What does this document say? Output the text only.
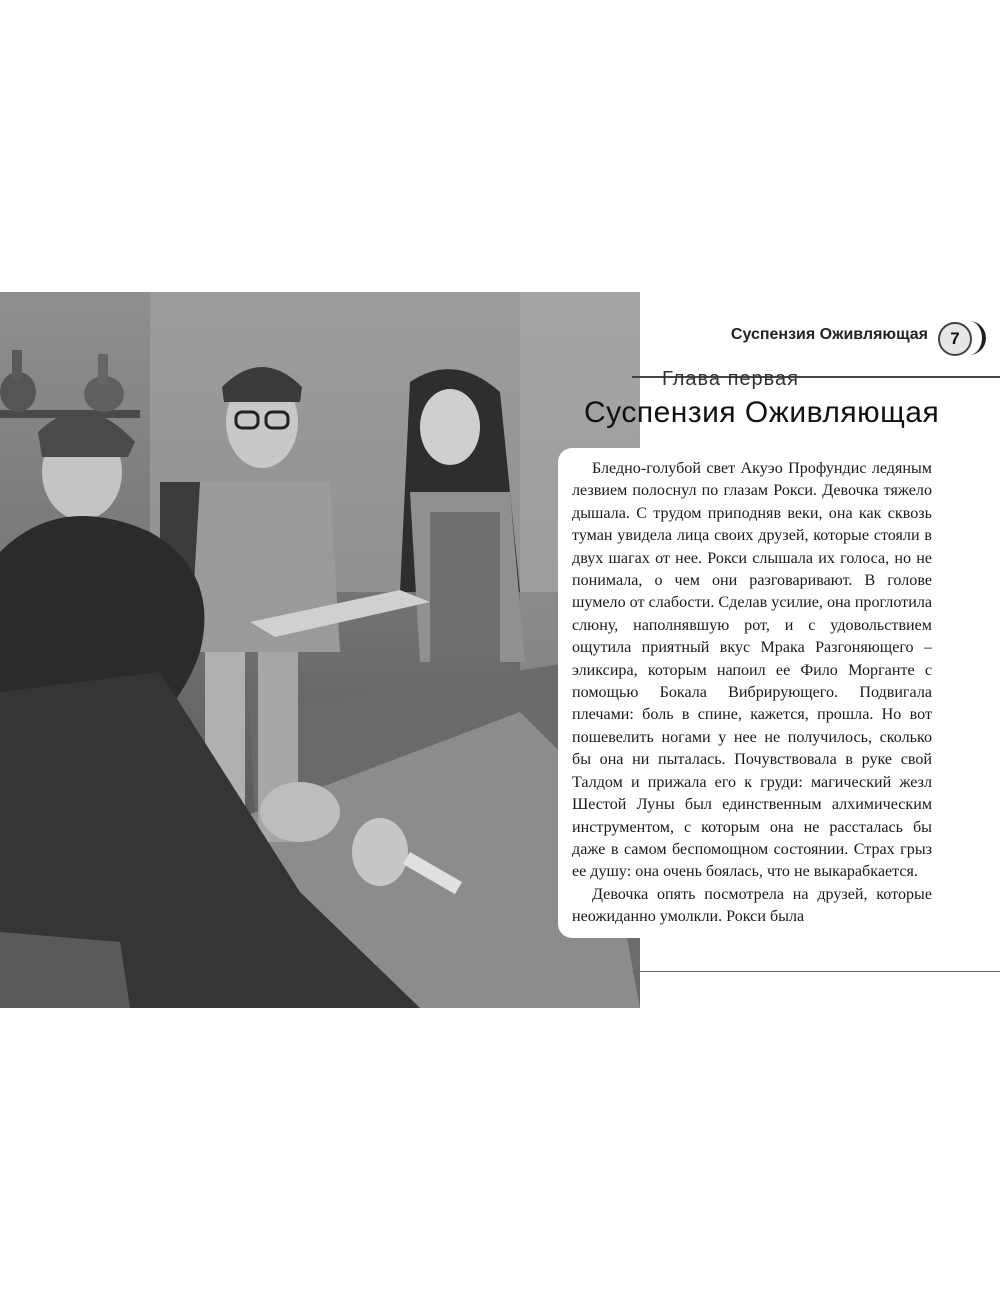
Суспензия Оживляющая	7
Глава первая
Суспензия Оживляющая

Бледно-голубой свет Акуэо Профундис ледяным лезвием полоснул по глазам Рокси. Девочка тяжело дышала. С трудом приподняв веки, она как сквозь туман увидела лица своих друзей, которые стояли в двух шагах от нее. Рокси слышала их голоса, но не понимала, о чем они разговаривают. В голове шумело от слабости. Сделав усилие, она проглотила слюну, наполнявшую рот, и с удовольствием ощутила приятный вкус Мрака Разгоняющего – эликсира, которым напоил ее Фило Морганте с помощью Бокала Вибрирующего. Подвигала плечами: боль в спине, кажется, прошла. Но вот пошевелить ногами у нее не получилось, сколько бы она ни пыталась. Почувствовала в руке свой Талдом и прижала его к груди: магический жезл Шестой Луны был единственным алхимическим инструментом, с которым она не рассталась бы даже в самом беспомощном состоянии. Страх грыз ее душу: она очень боялась, что не выкарабкается.

Девочка опять посмотрела на друзей, которые неожиданно умолкли. Рокси была
